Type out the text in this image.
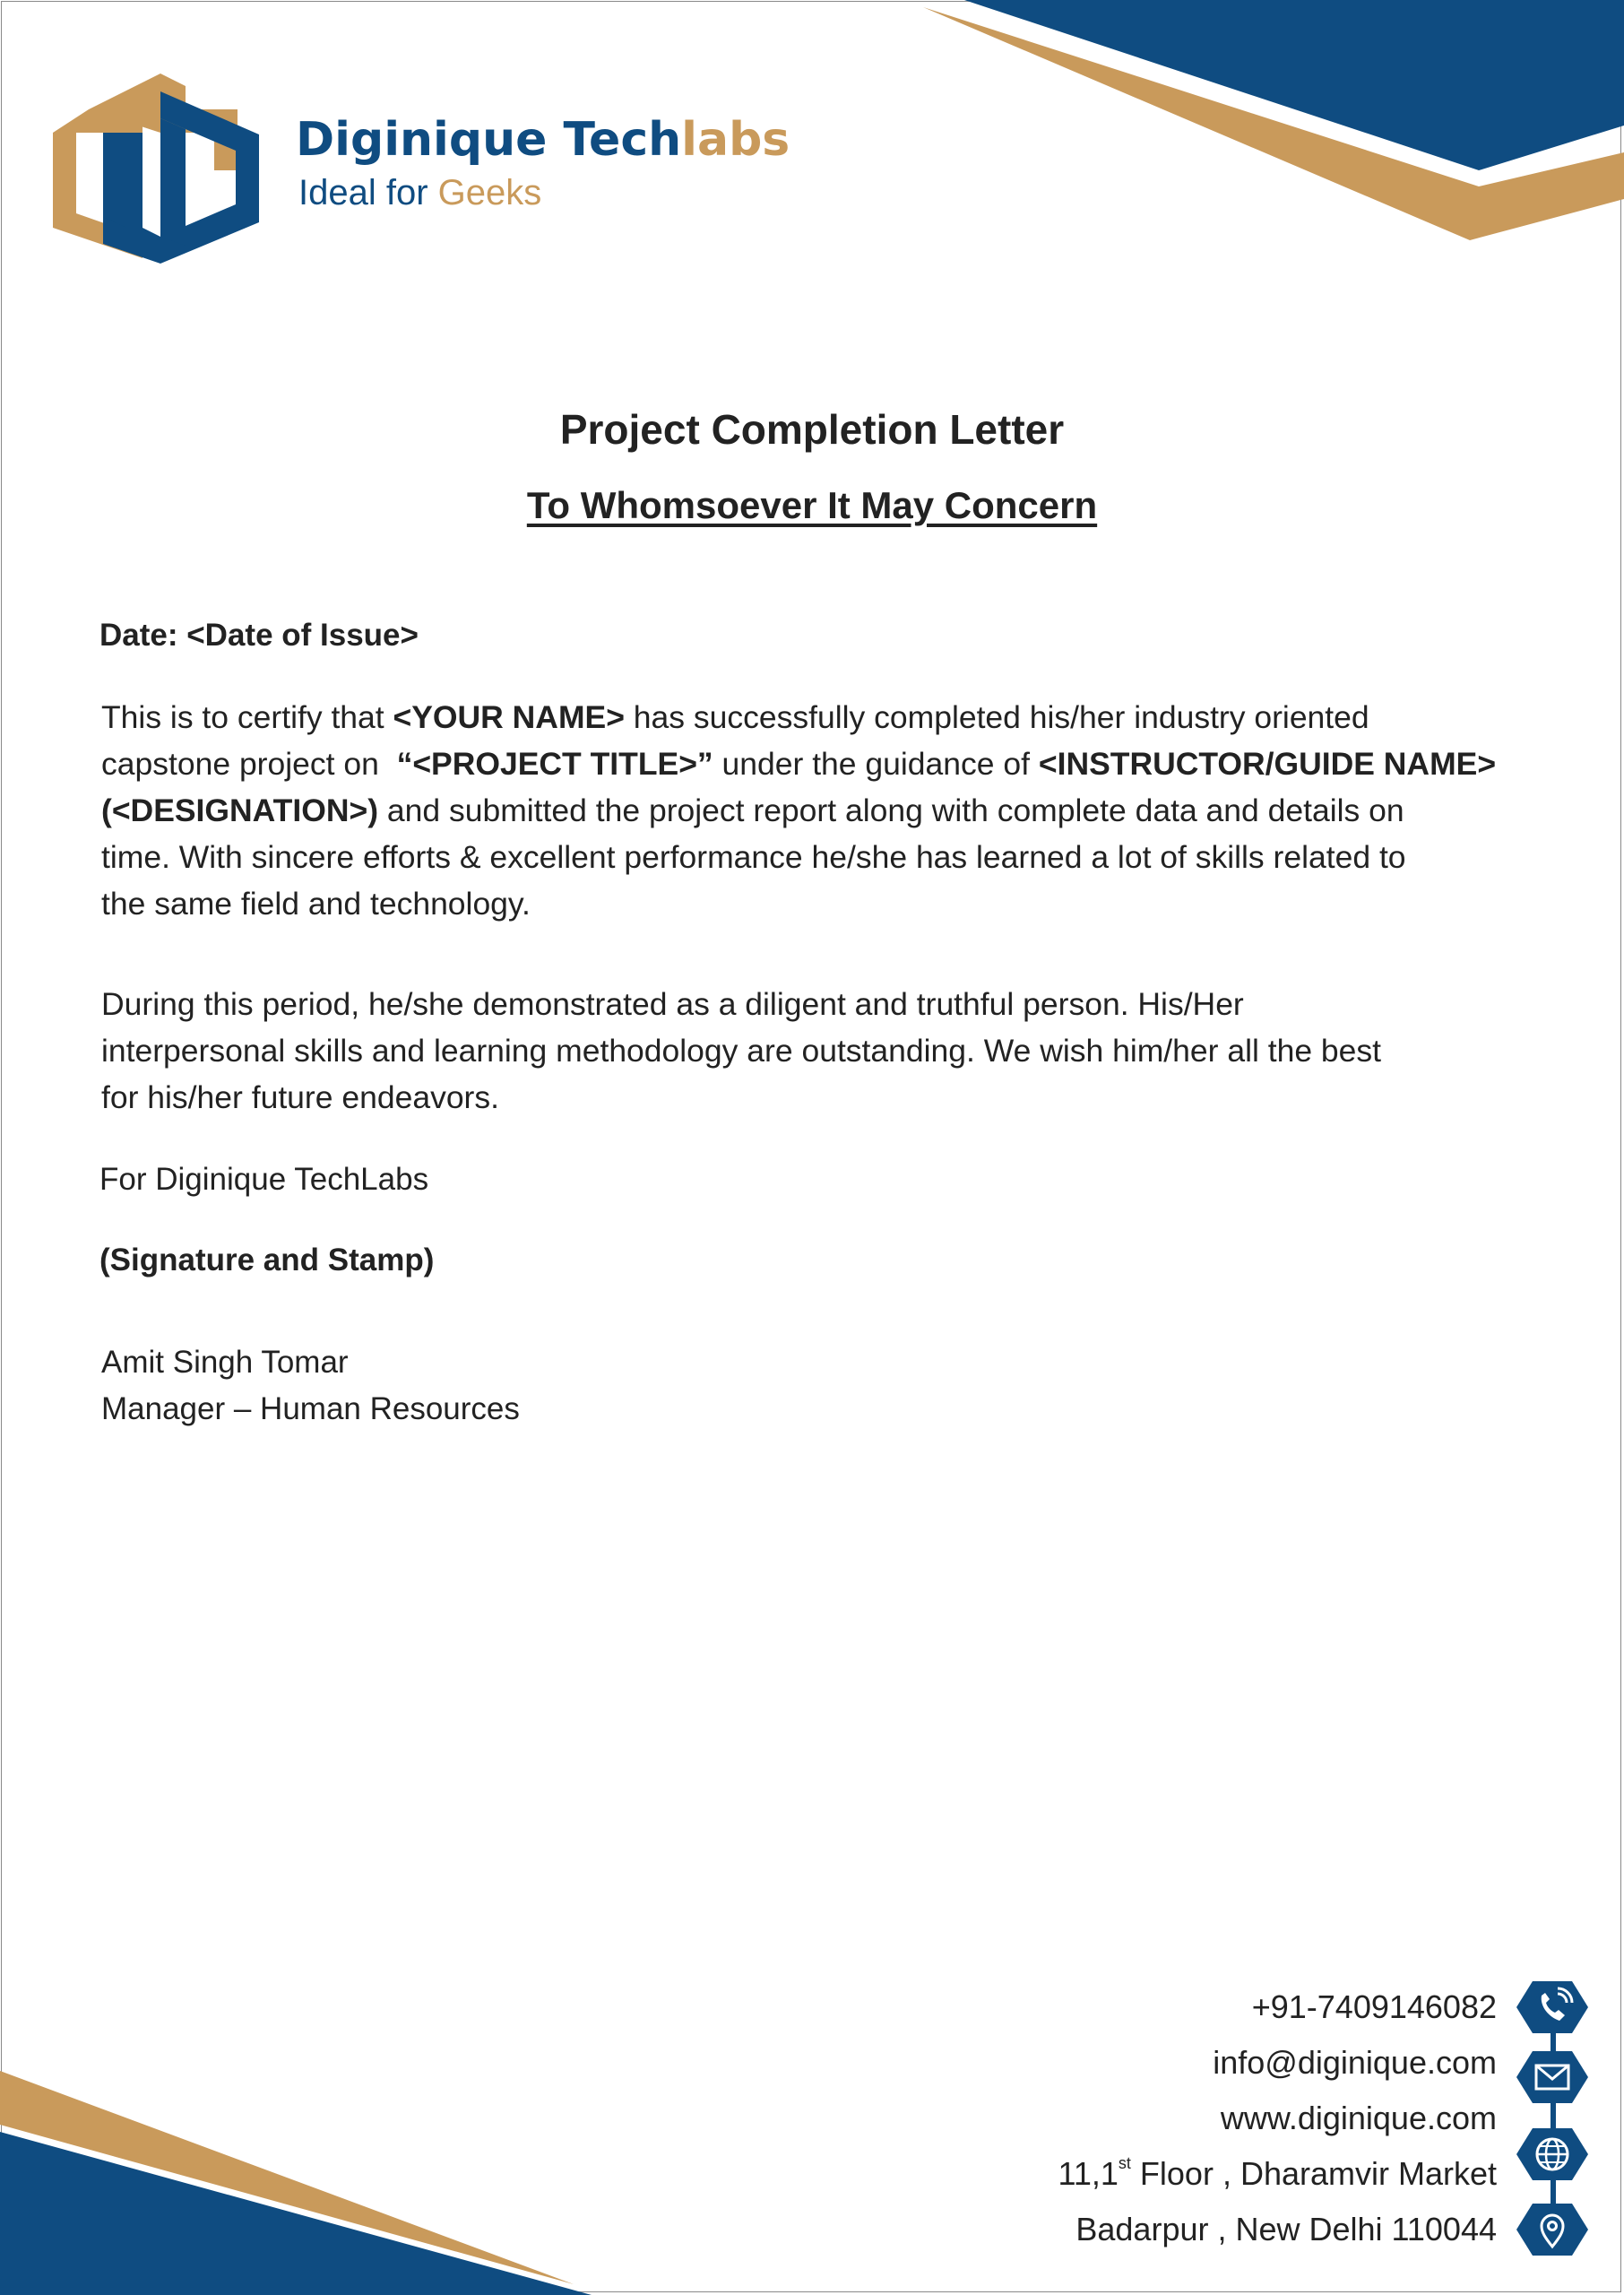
Diginique Techlabs
Ideal for Geeks
Project Completion Letter
To Whomsoever It May Concern
Date: <Date of Issue>
This is to certify that <YOUR NAME> has successfully completed his/her industry oriented
capstone project on  “<PROJECT TITLE>” under the guidance of <INSTRUCTOR/GUIDE NAME>
(<DESIGNATION>) and submitted the project report along with complete data and details on
time. With sincere efforts & excellent performance he/she has learned a lot of skills related to
the same field and technology.
During this period, he/she demonstrated as a diligent and truthful person. His/Her
interpersonal skills and learning methodology are outstanding. We wish him/her all the best
for his/her future endeavors.
For Diginique TechLabs
(Signature and Stamp)
Amit Singh Tomar
Manager – Human Resources
+91-7409146082
info@diginique.com
www.diginique.com
11,1st Floor , Dharamvir Market
Badarpur , New Delhi 110044
